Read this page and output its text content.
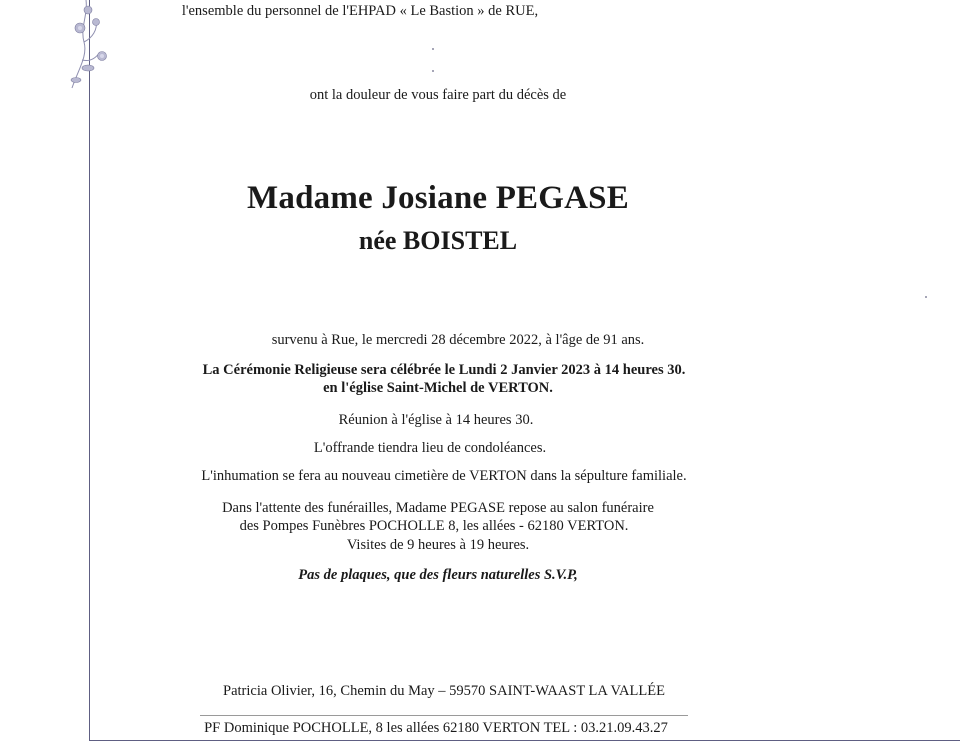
l'ensemble du personnel de l'EHPAD « Le Bastion » de RUE,
ont la douleur de vous faire part du décès de
Madame Josiane PEGASE
née BOISTEL
survenu à Rue, le mercredi 28 décembre 2022, à l'âge de 91 ans.
La Cérémonie Religieuse sera célébrée le Lundi 2 Janvier 2023 à 14 heures 30.
en l'église Saint-Michel de VERTON.
Réunion à l'église à 14 heures 30.
L'offrande tiendra lieu de condoléances.
L'inhumation se fera au nouveau cimetière de VERTON dans la sépulture familiale.
Dans l'attente des funérailles, Madame PEGASE repose au salon funéraire
des Pompes Funèbres POCHOLLE 8, les allées - 62180 VERTON.
Visites de 9 heures à 19 heures.
Pas de plaques, que des fleurs naturelles S.V.P,
Patricia Olivier, 16, Chemin du May – 59570 SAINT-WAAST LA VALLÉE
PF Dominique POCHOLLE, 8 les allées 62180 VERTON TEL : 03.21.09.43.27
